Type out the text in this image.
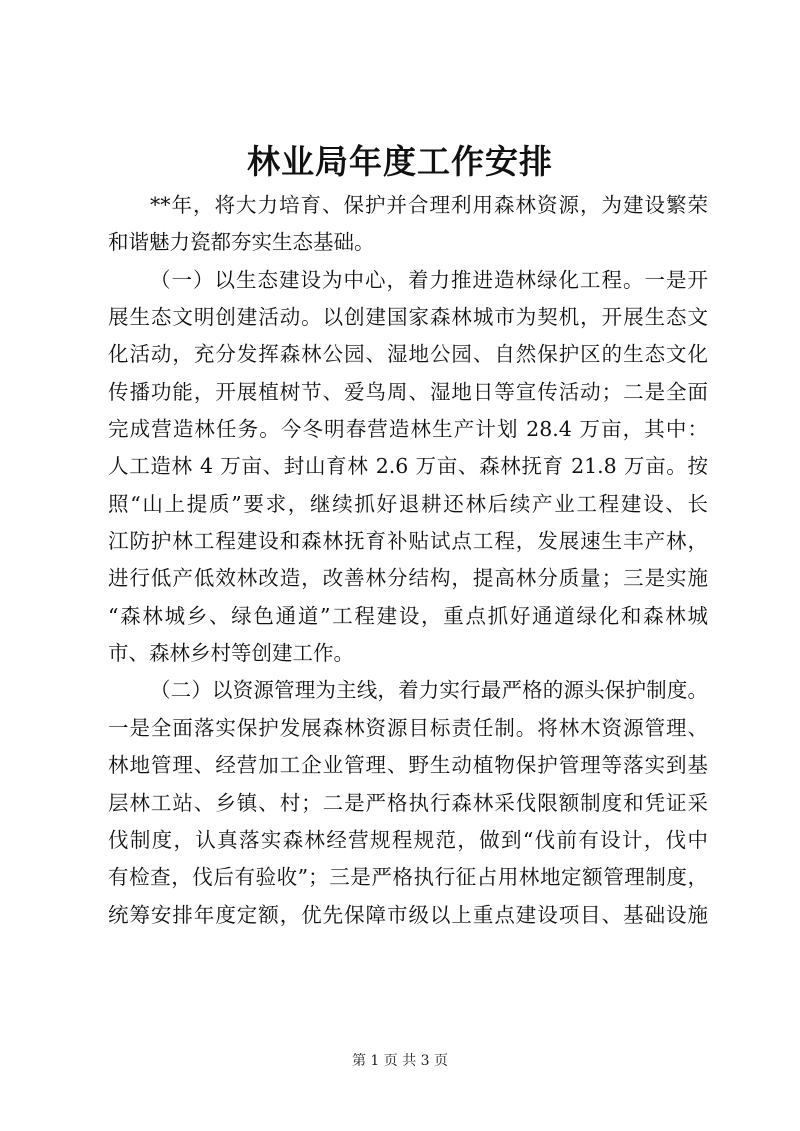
林业局年度工作安排
**年，将大力培育、保护并合理利用森林资源，为建设繁荣
和谐魅力瓷都夯实生态基础。
（一）以生态建设为中心，着力推进造林绿化工程。一是开
展生态文明创建活动。以创建国家森林城市为契机，开展生态文
化活动，充分发挥森林公园、湿地公园、自然保护区的生态文化
传播功能，开展植树节、爱鸟周、湿地日等宣传活动；二是全面
完成营造林任务。今冬明春营造林生产计划 28.4 万亩，其中：
人工造林 4 万亩、封山育林 2.6 万亩、森林抚育 21.8 万亩。按
照“山上提质”要求，继续抓好退耕还林后续产业工程建设、长
江防护林工程建设和森林抚育补贴试点工程，发展速生丰产林，
进行低产低效林改造，改善林分结构，提高林分质量；三是实施
“森林城乡、绿色通道”工程建设，重点抓好通道绿化和森林城
市、森林乡村等创建工作。
（二）以资源管理为主线，着力实行最严格的源头保护制度。
一是全面落实保护发展森林资源目标责任制。将林木资源管理、
林地管理、经营加工企业管理、野生动植物保护管理等落实到基
层林工站、乡镇、村；二是严格执行森林采伐限额制度和凭证采
伐制度，认真落实森林经营规程规范，做到“伐前有设计，伐中
有检查，伐后有验收”；三是严格执行征占用林地定额管理制度，
统筹安排年度定额，优先保障市级以上重点建设项目、基础设施
第 1 页 共 3 页
